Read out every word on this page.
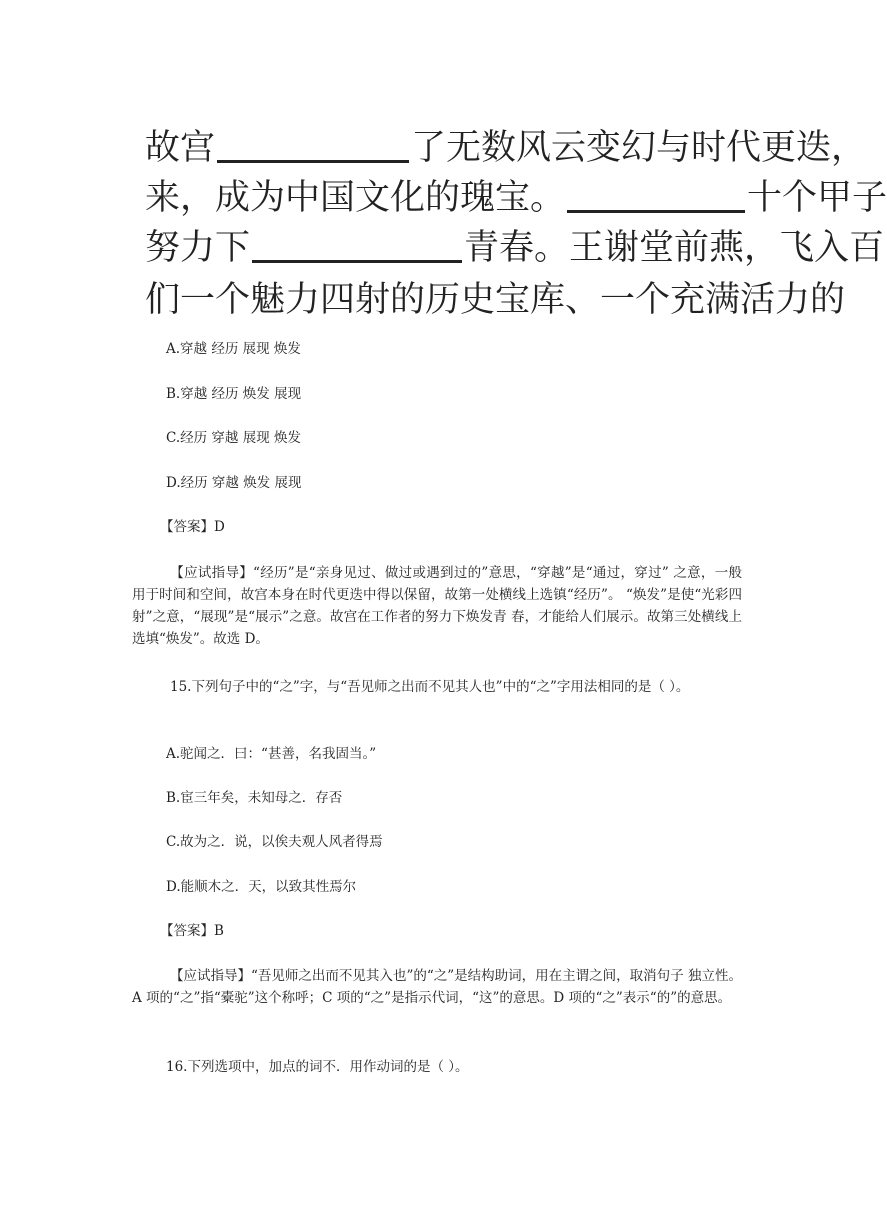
故宫	了无数风云变幻与时代更迭，
来，成为中国文化的瑰宝。	十个甲子
努力下	青春。王谢堂前燕，飞入百
们一个魅力四射的历史宝库、一个充满活力的
A.穿越 经历 展现 焕发
B.穿越 经历 焕发 展现
C.经历 穿越 展现 焕发
D.经历 穿越 焕发 展现
【答案】D
【应试指导】“经历”是“亲身见过、做过或遇到过的”意思，“穿越”是“通过，穿过” 之意，一般用于时间和空间，故宫本身在时代更迭中得以保留，故第一处横线上选镇“经历”。 “焕发”是使“光彩四射”之意，“展现”是“展示”之意。故宫在工作者的努力下焕发青 春，才能给人们展示。故第三处横线上选填“焕发”。故选 D。
15.下列句子中的“之”字，与“吾见师之出而不见其人也”中的“之”字用法相同的是（ ）。
A.驼闻之．曰：“甚善，名我固当。”
B.宦三年矣，未知母之．存否
C.故为之．说，以俟夫观人风者得焉
D.能顺木之．天，以致其性焉尔
【答案】B
【应试指导】“吾见师之出而不见其入也”的“之”是结构助词，用在主谓之间，取消句子 独立性。A 项的“之”指“橐驼”这个称呼；C 项的“之”是指示代词，“这”的意思。D 项的“之”表示“的”的意思。
16.下列选项中，加点的词不．用作动词的是（ ）。
